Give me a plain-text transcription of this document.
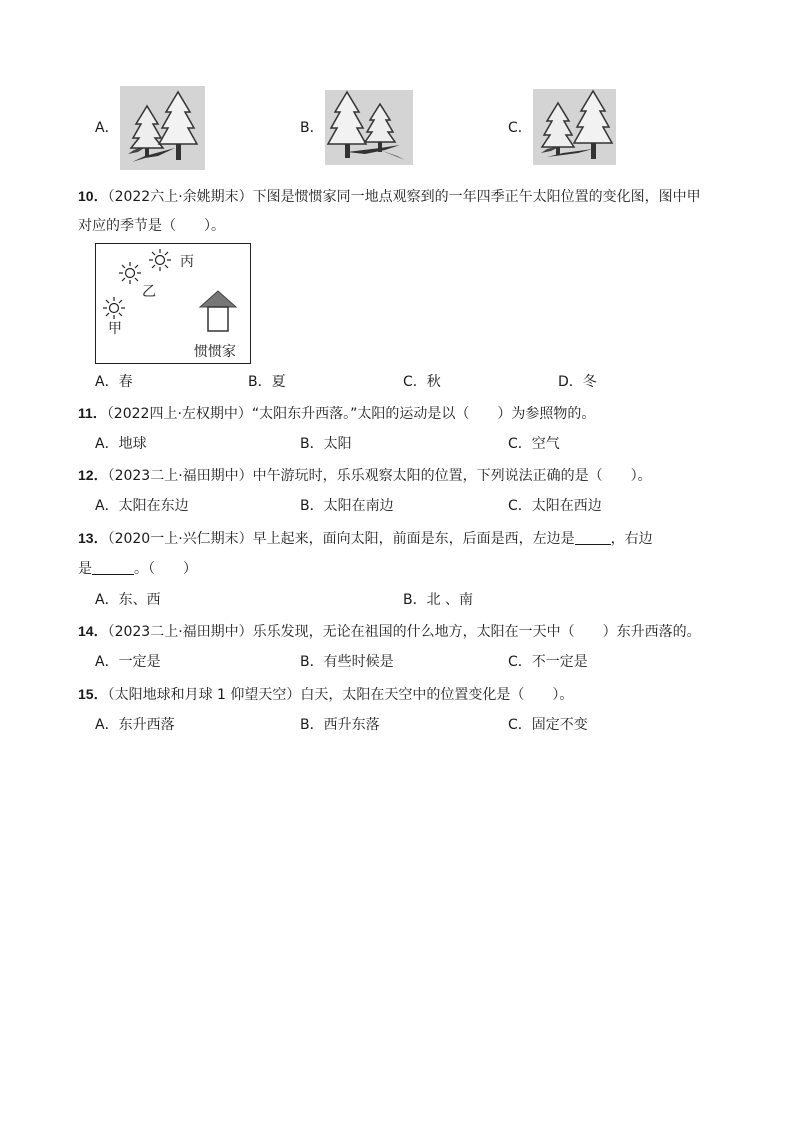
A．	B．	C．
10．（2022六上·余姚期末）下图是惯惯家同一地点观察到的一年四季正午太阳位置的变化图，图中甲
对应的季节是（　　）。
丙
乙
甲
惯惯家
A．春	B．夏	C．秋	D．冬
11．（2022四上·左权期中）“太阳东升西落。”太阳的运动是以（　　）为参照物的。
A．地球	B．太阳	C．空气
12．（2023二上·福田期中）中午游玩时，乐乐观察太阳的位置，下列说法正确的是（　　）。
A．太阳在东边	B．太阳在南边	C．太阳在西边
13．（2020一上·兴仁期末）早上起来，面向太阳，前面是东，后面是西，左边是	，右边
是	。（　　）
A．东、西	B．北 、南
14．（2023二上·福田期中）乐乐发现，无论在祖国的什么地方，太阳在一天中（　　）东升西落的。
A．一定是	B．有些时候是	C．不一定是
15．（太阳地球和月球 1 仰望天空）白天，太阳在天空中的位置变化是（　　）。
A．东升西落	B．西升东落	C．固定不变
